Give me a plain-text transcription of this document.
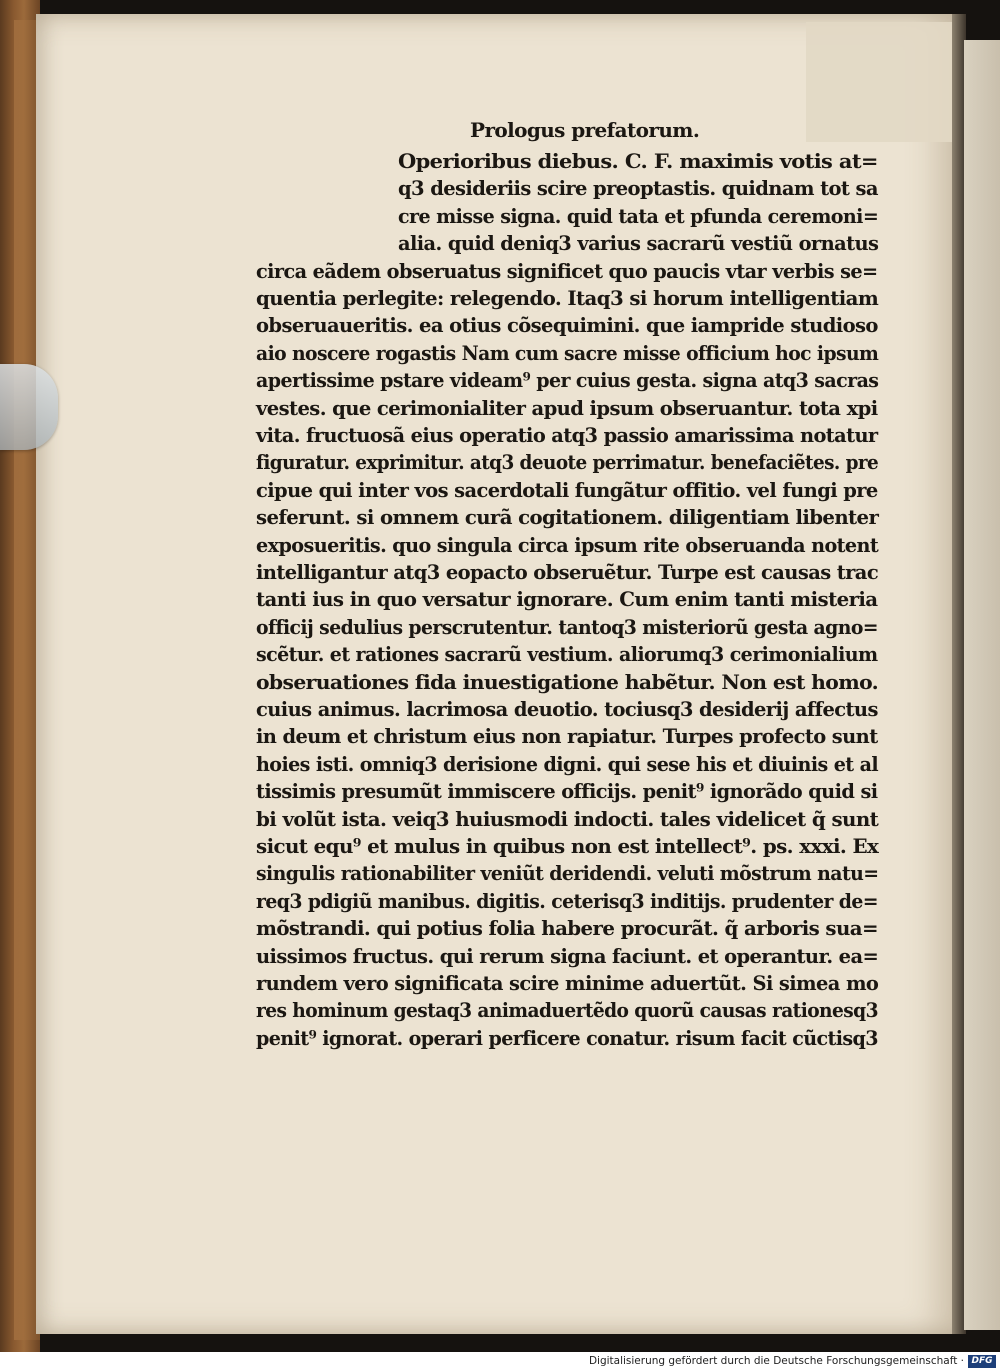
Prologus prefatorum.
Operioribus diebus. C. F. maximis votis at=
q3 desideriis scire preoptastis. quidnam tot sa
cre misse signa. quid tata et pfunda ceremoni=
alia. quid deniq3 varius sacrarũ vestiũ ornatus
circa eãdem obseruatus significet quo paucis vtar verbis se=
quentia perlegite: relegendo. Itaq3 si horum intelligentiam
obseruaueritis. ea otius cõsequimini. que iampride studioso
aio noscere rogastis Nam cum sacre misse officium hoc ipsum
apertissime pstare videam⁹ per cuius gesta. signa atq3 sacras
vestes. que cerimonialiter apud ipsum obseruantur. tota xpi
vita. fructuosã eius operatio atq3 passio amarissima notatur
figuratur. exprimitur. atq3 deuote perrimatur. benefaciẽtes. pre
cipue qui inter vos sacerdotali fungãtur offitio. vel fungi pre
seferunt. si omnem curã cogitationem. diligentiam libenter
exposueritis. quo singula circa ipsum rite obseruanda notent
intelligantur atq3 eopacto obseruẽtur. Turpe est causas trac
tanti ius in quo versatur ignorare. Cum enim tanti misteria
officij sedulius perscrutentur. tantoq3 misteriorũ gesta agno=
scẽtur. et rationes sacrarũ vestium. aliorumq3 cerimonialium
obseruationes fida inuestigatione habẽtur. Non est homo.
cuius animus. lacrimosa deuotio. tociusq3 desiderij affectus
in deum et christum eius non rapiatur. Turpes profecto sunt
hoies isti. omniq3 derisione digni. qui sese his et diuinis et al
tissimis presumũt immiscere officijs. penit⁹ ignorãdo quid si
bi volũt ista. veiq3 huiusmodi indocti. tales videlicet q̃ sunt
sicut equ⁹ et mulus in quibus non est intellect⁹. ps. xxxi. Ex
singulis rationabiliter veniũt deridendi. veluti mõstrum natu=
req3 pdigiũ manibus. digitis. ceterisq3 inditijs. prudenter de=
mõstrandi. qui potius folia habere procurãt. q̃ arboris sua=
uissimos fructus. qui rerum signa faciunt. et operantur. ea=
rundem vero significata scire minime aduertũt. Si simea mo
res hominum gestaq3 animaduertẽdo quorũ causas rationesq3
penit⁹ ignorat. operari perficere conatur. risum facit cũctisq3
Digitalisierung gefördert durch die Deutsche Forschungsgemeinschaft · DFG
